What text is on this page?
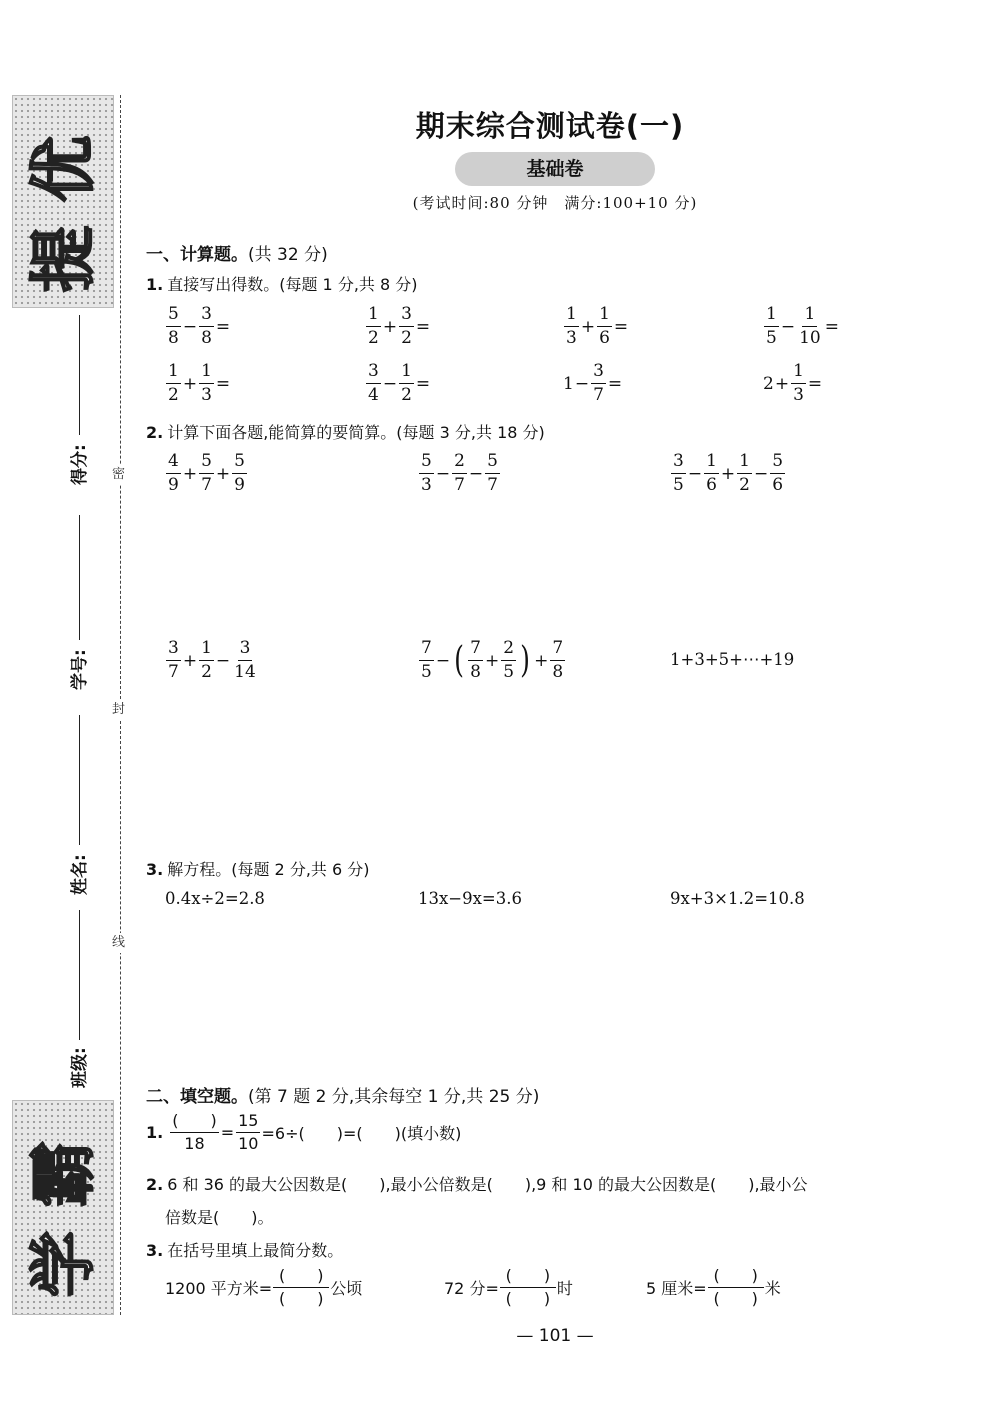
提
优
学
霸
密
封
线
得分:
学号:
姓名:
班级:
期末综合测试卷(一)
基础卷
(考试时间:80 分钟　满分:100+10 分)
一、计算题。(共 32 分)
1. 直接写出得数。(每题 1 分,共 8 分)
$\frac{5}{8} - \frac{3}{8}$ =	$\frac{1}{2} + \frac{3}{2}$ =	$\frac{1}{3} + \frac{1}{6}$ =	$\frac{1}{5} - \frac{1}{10}$ =
$\frac{1}{2} + \frac{1}{3}$ =	$\frac{3}{4} - \frac{1}{2}$ =	$1 - \frac{3}{7}$ =	$2 + \frac{1}{3}$ =
2. 计算下面各题,能简算的要简算。(每题 3 分,共 18 分)
$\frac{4}{9} + \frac{5}{7} + \frac{5}{9}$	$\frac{5}{3} - \frac{2}{7} - \frac{5}{7}$	$\frac{3}{5} - \frac{1}{6} + \frac{1}{2} - \frac{5}{6}$
$\frac{3}{7} + \frac{1}{2} - \frac{3}{14}$	$\frac{7}{5}$ − ( $\frac{7}{8} + \frac{2}{5}$ ) + $\frac{7}{8}$	1+3+5+⋯+19
3. 解方程。(每题 2 分,共 6 分)
0.4x÷2=2.8	13x−9x=3.6	9x+3×1.2=10.8
二、填空题。(第 7 题 2 分,其余每空 1 分,共 25 分)
1. $\frac{( )}{18} = \frac{15}{10} =6\div$(　　)=(　　)(填小数)
2. 6 和 36 的最大公因数是(　　),最小公倍数是(　　),9 和 10 的最大公因数是(　　),最小公
倍数是(　　)。
3. 在括号里填上最简分数。
1200 平方米= $\frac{( )}{( )}$ 公顷	72 分= $\frac{( )}{( )}$ 时	5 厘米= $\frac{( )}{( )}$ 米
— 101 —
